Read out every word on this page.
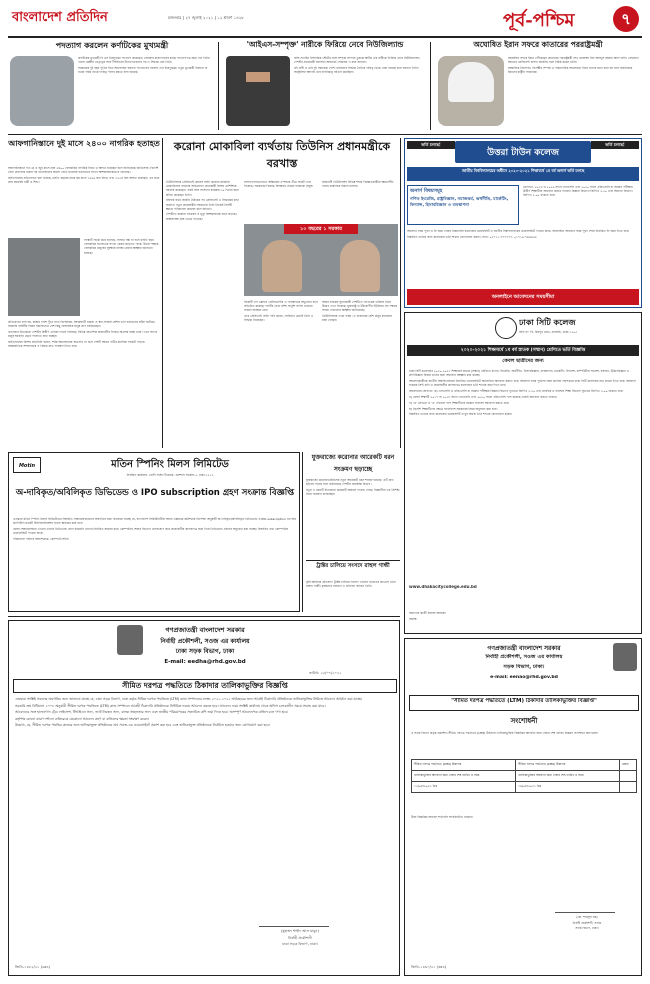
বাংলাদেশ প্রতিদিন	মঙ্গলবার | ২৭ জুলাই ২০২১ | ১২ শ্রাবণ ১৪২৮	পূর্ব-পশ্চিম	৭
পদত্যাগ করলেন কর্ণাটকের মুখ্যমন্ত্রী

কর্ণাটকের মুখ্যমন্ত্রী বি এস ইয়েদুরাপ্পা পদত্যাগ করেছেন। সোমবার রাজ্যপালের কাছে পদত্যাগপত্র জমা দেন তিনি। দলের কেন্দ্রীয় নেতৃত্বের সঙ্গে দীর্ঘদিনের টানাপোড়েনের পর এ সিদ্ধান্ত নেন তিনি।

সরকারের দুই বছর পূর্তির দিনে আবেগঘন বক্তব্যে পদত্যাগের ঘোষণা দেন ইয়েদুরাপ্পা। নতুন মুখ্যমন্ত্রী নির্বাচন না হওয়া পর্যন্ত তাকে দায়িত্ব পালন করতে বলা হয়েছে।

'আইএস-সম্পৃক্ত' নারীকে ফিরিয়ে নেবে নিউজিল্যান্ড

জঙ্গি সংগঠন ইসলামিক স্টেটের সঙ্গে সম্পৃক্ত সন্দেহে তুরস্কে আটক এক নারীকে ফিরিয়ে নেবে নিউজিল্যান্ড। দেশটির প্রধানমন্ত্রী জাসিন্ডা আরডার্ন সোমবার এ কথা জানান।

ওই নারী ও তার দুই সন্তানকে দেশে ফেরানোর সিদ্ধান্ত নৈতিক দায়িত্ব থেকে নেয়া হয়েছে বলে জানান তিনি। অস্ট্রেলিয়া আগেই তার নাগরিকত্ব বাতিল করেছিল।

অঘোষিত ইরান সফরে কাতারের পররাষ্ট্রমন্ত্রী

অঘোষিত সফরে ইরান পৌঁছেছেন কাতারের পররাষ্ট্রমন্ত্রী শেখ মোহাম্মদ বিন আবদুল রহমান আল থানি। তেহরানে ইরানের প্রেসিডেন্ট হাসান রুহানির সঙ্গে বৈঠক করেন তিনি।

আঞ্চলিক নিরাপত্তা, দ্বিপক্ষীয় সম্পর্ক ও পারমাণবিক আলোচনা নিয়ে তাদের মধ্যে কথা হয় বলে জানিয়েছে ইরানের রাষ্ট্রীয় গণমাধ্যম।

আফগানিস্তানে দুই মাসে ২৪০০ নাগরিক হতাহত

আফগানিস্তানে গত মে ও জুন মাসে প্রায় ২৪০০ বেসামরিক নাগরিক নিহত ও আহত হয়েছেন বলে জানিয়েছে জাতিসংঘ। বিদেশি সেনা প্রত্যাহার শুরুর পর তালেবানের হামলা বেড়ে যাওয়ায় হতাহতের সংখ্যা আশঙ্কাজনকভাবে বেড়েছে।

জাতিসংঘের প্রতিবেদনে বলা হয়েছে, চলতি বছরের প্রথম ছয় মাসে ১৬৫৯ জন নিহত এবং ৩২৫৪ জন আহত হয়েছেন। এর মধ্যে প্রায় অর্ধেকই নারী ও শিশু।

সংস্থাটি সতর্ক করে বলেছে, সংঘাত বন্ধ না হলে চলতি বছর বেসামরিক হতাহতের সংখ্যা রেকর্ড ছাড়াতে পারে। উভয় পক্ষকে বেসামরিক মানুষের সুরক্ষায় ব্যবস্থা নেয়ার আহ্বান জানানো হয়েছে।

প্রতিবেদনে বলা হয়, রাস্তার পাশে পুঁতে রাখা বিস্ফোরক, আত্মঘাতী হামলা ও স্থল সংঘর্ষে বেশির ভাগ হতাহতের ঘটনা ঘটেছে। সরকারি বাহিনীর বিমান হামলাতেও বেশ কিছু বেসামরিক মানুষ প্রাণ হারিয়েছেন।

তালেবান ইতোমধ্যে দেশটির বিস্তীর্ণ এলাকা দখলে নিয়েছে। বিভিন্ন প্রাদেশিক রাজধানীর দিকেও অগ্রসর হচ্ছে তারা। এতে লাখো মানুষ ঘরবাড়ি ছেড়ে পালাতে বাধ্য হচ্ছেন।

জাতিসংঘের বিশেষ প্রতিনিধি বলেন, শান্তি আলোচনায় অগ্রগতি না হলে দেশটি আরও গভীর মানবিক সংকটে পড়বে। আন্তর্জাতিক সম্প্রদায়কে এ বিষয়ে দ্রুত পদক্ষেপ নিতে হবে।

করোনা মোকাবিলা ব্যর্থতায় তিউনিস প্রধানমন্ত্রীকে বরখাস্ত

তিউনিসিয়ার প্রেসিডেন্ট কায়েস সাইদ করোনা মহামারি মোকাবিলায় ব্যর্থতার অভিযোগে প্রধানমন্ত্রী হিশেম মেশিশিকে বরখাস্ত করেছেন। একই সঙ্গে সংসদের কার্যক্রম ৩০ দিনের জন্য স্থগিত করেছেন তিনি।

রবিবার রাতে জরুরি বৈঠকের পর প্রেসিডেন্ট এ সিদ্ধান্তের কথা জানান। নতুন প্রধানমন্ত্রীর সহায়তায় তিনি নিজেই নির্বাহী ক্ষমতা পরিচালনা করবেন বলে জানান।

দেশটিতে করোনা সংক্রমণ ও মৃত্যু আশঙ্কাজনক হারে বাড়ছে। স্বাস্থ্যব্যবস্থা প্রায় ভেঙে পড়েছে।

হাসপাতালগুলোতে অক্সিজেন ও শয্যার তীব্র সংকট দেখা দিয়েছে। সরকারের বিরুদ্ধে বিক্ষোভে নামেন হাজারো মানুষ।

রাজধানী তিউনিসসহ বিভিন্ন শহরে বিক্ষোভকারীরা ক্ষমতাসীন দলের কার্যালয়ে হামলা চালায়।

১০ বছরের ১ সরকার

বিরোধী দল এন্নাহদা প্রেসিডেন্টের এ পদক্ষেপকে অভ্যুত্থান বলে অভিহিত করেছে। দলটির নেতা রশিদ ঘানুশি সংসদ ভবনের সামনে অবস্থান নেন।

তবে প্রেসিডেন্ট সাইদ দাবি করেন, সংবিধান মেনেই তিনি এ সিদ্ধান্ত নিয়েছেন।

আরব বসন্তের সূচনাকারী দেশটিতে গণতন্ত্রের ভবিষ্যৎ নিয়ে উদ্বেগ দেখা দিয়েছে। যুক্তরাষ্ট্র ও ইউরোপীয় ইউনিয়ন সব পক্ষকে সংযম দেখানোর আহ্বান জানিয়েছে।

তিউনিসিয়ায় এখন পর্যন্ত ১৮ হাজারের বেশি মানুষ করোনায় মারা গেছেন।

ভর্তি চলছে!	ভর্তি চলছে!
উত্তরা টাউন কলেজ
জাতীয় বিশ্ববিদ্যালয়ের অধীনে ২০২০-২০২১ শিক্ষাবর্ষে ১ম বর্ষ অনার্স ভর্তি চলছে
অনার্স বিষয়সমূহ
গণিত ইংরেজি, রাষ্ট্রবিজ্ঞান, সমাজকর্ম, অর্থনীতি, মার্কেটিং, ফিন্যান্স, হিসাববিজ্ঞান ও ব্যবস্থাপনা

যোগ্যতা: ২০১৮ ও ২০১৯ সালে এসএসসি এবং ২০২০ সালে এইচএসসি বা সমমান পরীক্ষায় উত্তীর্ণ শিক্ষার্থীরা আবেদন করতে পারবে। বিজ্ঞান বিভাগে জিপিএ ২.৫০ এবং অন্যান্য বিভাগে জিপিএ ২.০০ থাকতে হবে।

আবেদন ফরম পূরণ ও ফি জমা দেয়ার নিয়মাবলি কলেজের ওয়েবসাইট ও জাতীয় বিশ্ববিদ্যালয়ের ওয়েবসাইটে পাওয়া যাবে। অনলাইনে আবেদন ফরম পূরণ শেষে নির্ধারিত ফি জমা দিতে হবে।

বিস্তারিত তথ্যের জন্য কলেজের ভর্তি শাখায় যোগাযোগ করুন। ফোন: ০১৭১১-৭৭৭৭৭৭, ০১৭১৬-৭৬৬৬৩৬

অনলাইনে আবেদনের সময়সীমা
ঢাকা সিটি কলেজ

বাড়ি নং ৭ই, মিরপুর রোড, ধানমন্ডি, ঢাকা-১২০৫

২০২০-২০২১ শিক্ষাবর্ষে ১ম বর্ষ স্নাতক (সম্মান) শ্রেণিতে ভর্তি বিজ্ঞপ্তি
কেবল ছাত্রীদের জন্য

ঢাকা সিটি কলেজের ২০২০-২০২১ শিক্ষাবর্ষে স্নাতক (সম্মান) শ্রেণিতে বাংলা, ইংরেজি, অর্থনীতি, হিসাববিজ্ঞান, ব্যবস্থাপনা, মার্কেটিং, ফিন্যান্স, কম্পিউটার সায়েন্স, রসায়ন, উদ্ভিদবিজ্ঞান ও প্রাণিবিজ্ঞান বিষয়ে ভর্তির জন্য আবেদন আহ্বান করা যাচ্ছে।

আবেদনকারীকে জাতীয় বিশ্ববিদ্যালয়ের নির্ধারিত ওয়েবসাইটে অনলাইনে আবেদন করতে হবে। আবেদন ফরম পূরণের সময় কলেজ পছন্দক্রমে ঢাকা সিটি কলেজের নাম প্রথমে দিতে হবে। আবেদন ফরমের প্রিন্ট কপি ও প্রয়োজনীয় কাগজপত্র কলেজের ভর্তি শাখায় জমা দিতে হবে।

আবেদনের যোগ্যতা: ক) এসএসসি ও এইচএসসি বা সমমান পরীক্ষায় বিজ্ঞান বিভাগে ন্যূনতম জিপিএ ৩.৫০ এবং মানবিক ও ব্যবসায় শিক্ষা বিভাগে ন্যূনতম জিপিএ ৩.০০ থাকতে হবে।

খ) যেসব শিক্ষার্থী ২০১৭ বা ২০১৮ সালে এসএসসি এবং ২০২০ সালে এইচএসসি পাস করেছে তারাই আবেদন করতে পারবে।

গ) 'ও' লেভেল ও 'এ' লেভেল পাস শিক্ষার্থীদের সমমান সনদসহ আবেদন করতে হবে।

ঘ) বিদেশি শিক্ষার্থীদের ক্ষেত্রে বাংলাদেশ সরকারের নিয়ম অনুসরণ করা হবে।

বিস্তারিত তথ্যের জন্য কলেজের ওয়েবসাইট দেখুন অথবা ভর্তি শাখায় যোগাযোগ করুন।

www.dhakacitycollege.edu.bd

অধ্যাপক কাজী নিয়াজ আহমেদ

অধ্যক্ষ

Motin	মতিন স্পিনিং মিলস লিমিটেড

নিবন্ধিত কার্যালয়: ডেল্টা লাইফ টাওয়ার, গুলশান সার্কেল-২, ঢাকা-১২১২

অ-দাবিকৃত/অবিলিকৃত ডিভিডেন্ড ও IPO subscription গ্রহণ সংক্রান্ত বিজ্ঞপ্তি

এতদ্বারা মতিন স্পিনিং মিলস লিমিটেডের সম্মানিত শেয়ারহোল্ডারদের অবগতির জন্য জানানো যাচ্ছে যে, বাংলাদেশ সিকিউরিটিজ অ্যান্ড এক্সচেঞ্জ কমিশনের নির্দেশনা অনুযায়ী অ-দাবিকৃত/অবিলিকৃত ডিভিডেন্ড ও IPO subscription এর অর্থ ক্যাপিটাল মার্কেট স্ট্যাবিলাইজেশন ফান্ডে স্থানান্তর করা হবে।

যেসব শেয়ারহোল্ডার এখনো তাদের ডিভিডেন্ড গ্রহণ করেননি তাদের নির্ধারিত সময়ের মধ্যে কোম্পানির শেয়ার বিভাগে যোগাযোগ করে প্রয়োজনীয় কাগজপত্র জমা দিয়ে ডিভিডেন্ড গ্রহণের অনুরোধ করা যাচ্ছে। বিস্তারিত তথ্য কোম্পানির ওয়েবসাইটে পাওয়া যাবে।

পরিচালনা পর্ষদের আদেশক্রমে, কোম্পানি সচিব

যুক্তরাজ্যে করোনার আরেকটি ধরন সংক্রমণ ছড়াচ্ছে

যুক্তরাজ্যে করোনাভাইরাসের নতুন আরেকটি ধরন শনাক্ত হয়েছে। এটি দ্রুত ছড়িয়ে পড়ছে বলে জানিয়েছে দেশটির জনস্বাস্থ্য বিভাগ।

নতুন এ ধরনটি ইতোমধ্যে কয়েকটি অঞ্চলে পাওয়া গেছে। বিজ্ঞানীরা এর বৈশিষ্ট্য নিয়ে গবেষণা চালাচ্ছেন।

ট্রাক্টর চালিয়ে সংসদে রাহুল গান্ধী

কৃষি আইনের প্রতিবাদে ট্রাক্টর চালিয়ে সংসদে গেলেন ভারতের কংগ্রেস নেতা রাহুল গান্ধী। কৃষকদের সমর্থনে এ প্রতিবাদ জানান তিনি।

গণপ্রজাতন্ত্রী বাংলাদেশ সরকার
নির্বাহী প্রকৌশলী, সওজ এর কার্যালয়
ঢাকা সড়ক বিভাগ, ঢাকা
E-mail: eedha@rhd.gov.bd
তারিখ: ২৫/০৭/২০২১
সীমিত দরপত্র পদ্ধতিতে ঠিকাদার তালিকাভুক্তির বিজ্ঞপ্তি

এতদ্বারা সংশ্লিষ্ট সকলের অবগতির জন্য জানানো যাচ্ছে যে, ঢাকা সড়ক বিভাগ, ঢাকা কর্তৃক সীমিত দরপত্র পদ্ধতিতে (LTM) কাজ সম্পাদনের লক্ষ্যে ২০২১-২০২২ অর্থবছরের জন্য আগ্রহী ঠিকাদারি প্রতিষ্ঠানকে তালিকাভুক্তির নিমিত্তে আবেদন আহ্বান করা যাচ্ছে।

সরকারি ক্রয় বিধিমালা ২০০৮ অনুযায়ী সীমিত দরপত্র পদ্ধতিতে (LTM) কাজ সম্পাদনে আগ্রহী ঠিকাদারি প্রতিষ্ঠানকে নির্ধারিত ফরমে আবেদন করতে হবে। আবেদন ফরম সংশ্লিষ্ট কার্যালয় থেকে অফিস চলাকালীন সময়ে সংগ্রহ করা যাবে।

আবেদনের সঙ্গে হালনাগাদ ট্রেড লাইসেন্স, টিআইএন সনদ, ভ্যাট নিবন্ধন সনদ, ব্যাংক সচ্ছলতার সনদ এবং জাতীয় পরিচয়পত্রের সত্যায়িত কপি জমা দিতে হবে। অসম্পূর্ণ আবেদনপত্র বাতিল বলে গণ্য হবে।

কর্তৃপক্ষ কোনো কারণ দর্শানো ব্যতিরেকে যেকোনো আবেদন গ্রহণ বা বাতিলের ক্ষমতা সংরক্ষণ করেন।

উল্লেখ্য, যে, সীমিত দরপত্র পদ্ধতির কাজের জন্য তালিকাভুক্ত প্রতিষ্ঠানের নাম সওজ-এর ওয়েবসাইটে প্রকাশ করা হবে এবং তালিকাভুক্ত প্রতিষ্ঠানকে নির্বাচিত হওয়ার জন্য যোগাযোগ করা হবে।

(মুহাম্মদ শাহীদ আল মামুন)

নির্বাহী প্রকৌশলী

ঢাকা সড়ক বিভাগ, ঢাকা।

জিডি-১৪৮২/২১ (৬x৪)
গণপ্রজাতন্ত্রী বাংলাদেশ সরকার
নির্বাহী প্রকৌশলী, সওজ এর কার্যালয়
সড়ক বিভাগ, ঢাকা।
e-mail: eenao@rhd.gov.bd
"সীমিত দরপত্র পদ্ধতিতে (LTM) ঠিকাদার তালিকাভুক্তির বিজ্ঞপ্তি"
সংশোধনী

এ সড়ক বিভাগ কর্তৃক প্রকাশিত সীমিত দরপত্র পদ্ধতিতে (LTM) ঠিকাদার তালিকাভুক্তির বিজ্ঞপ্তির আবেদন জমা দেয়ার শেষ তারিখ নিম্নরূপ সংশোধন করা হলো।

সীমিত দরপত্র পদ্ধতিতে (LTM) ঠিকাদার	সীমিত দরপত্র পদ্ধতিতে (LTM) ঠিকাদার	মন্তব্য
তালিকাভুক্তির আবেদন জমা দেয়ার শেষ তারিখ ও সময়	তালিকাভুক্তির আবেদন জমা দেয়ার শেষ তারিখ ও সময়	
১৫/০৮/২০২১ খ্রিঃ	১৯/০৮/২০২১ খ্রিঃ	

উক্ত বিজ্ঞপ্তির অন্যান্য শর্তাবলি অপরিবর্তিত থাকবে।

(মো. শামসুল হক)

নির্বাহী প্রকৌশলী, সওজ

সড়ক বিভাগ, ঢাকা।

জিডি-১৪৬০/২১ (৩x৪)
